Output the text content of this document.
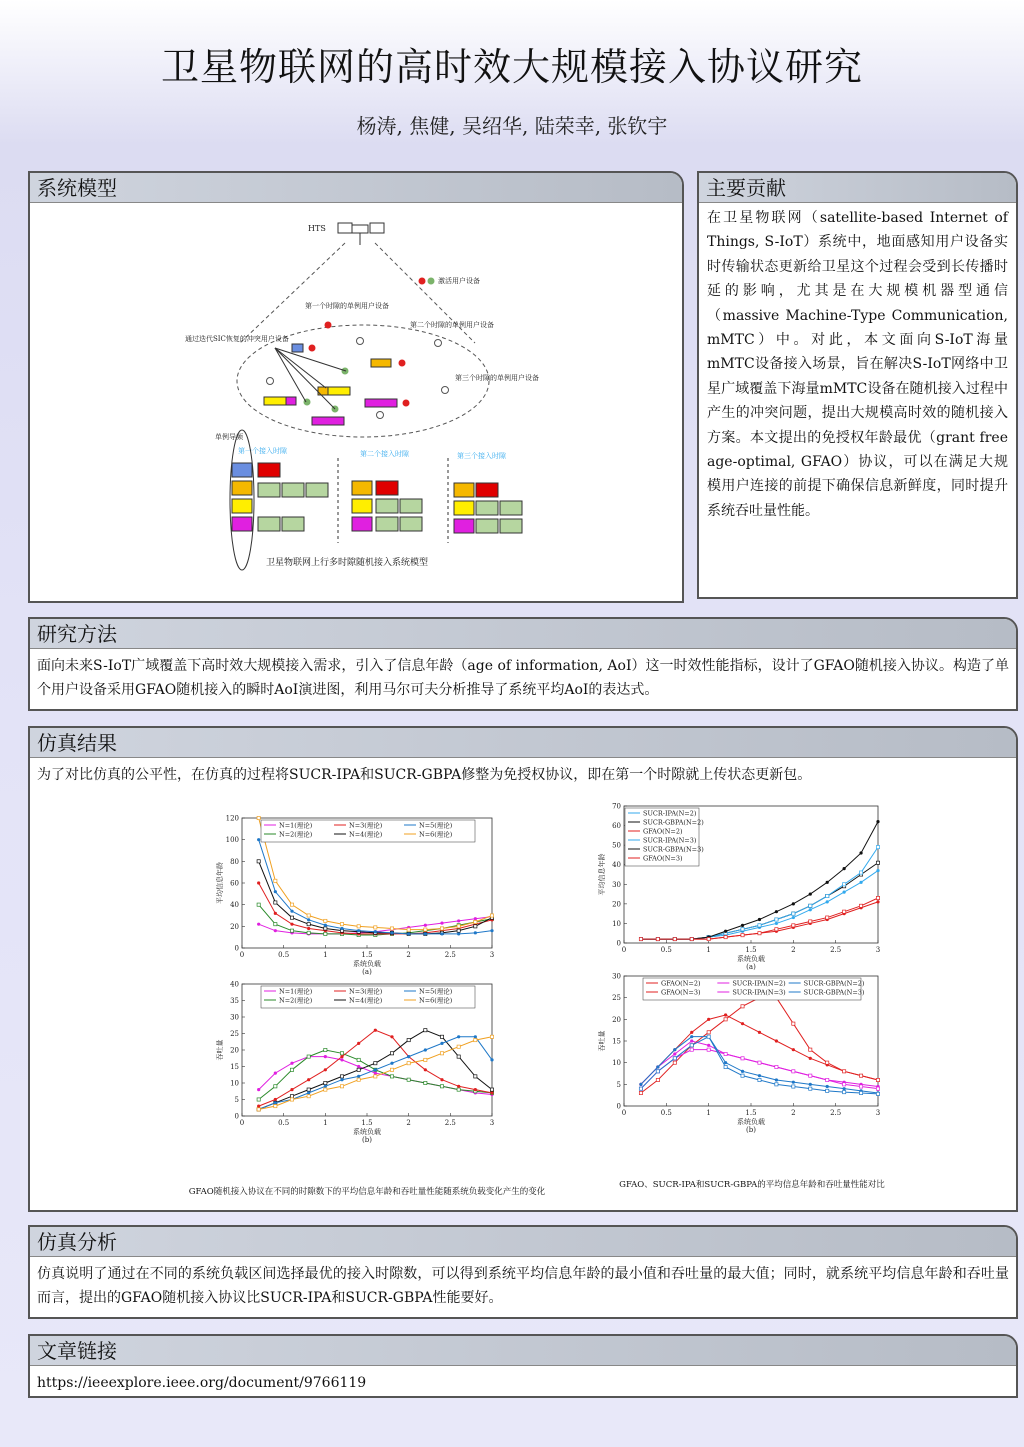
卫星物联网的高时效大规模接入协议研究
杨涛, 焦健, 吴绍华, 陆荣幸, 张钦宇
系统模型
HTS
激活用户设备
第一个时隙的单例用户设备
第二个时隙的单例用户设备
第三个时隙的单例用户设备
通过迭代SIC恢复的冲突用户设备
单例导频
第一个接入时隙	第二个接入时隙	第三个接入时隙
卫星物联网上行多时隙随机接入系统模型
主要贡献
在卫星物联网（satellite-based Internet of Things, S-IoT）系统中，地面感知用户设备实时传输状态更新给卫星这个过程会受到长传播时延的影响，尤其是在大规模机器型通信（massive Machine-Type Communication, mMTC）中。对此，本文面向S-IoT海量mMTC设备接入场景，旨在解决S-IoT网络中卫星广域覆盖下海量mMTC设备在随机接入过程中产生的冲突问题，提出大规模高时效的随机接入方案。本文提出的免授权年龄最优（grant free age-optimal, GFAO）协议，可以在满足大规模用户连接的前提下确保信息新鲜度，同时提升系统吞吐量性能。
研究方法
面向未来S-IoT广域覆盖下高时效大规模接入需求，引入了信息年龄（age of information, AoI）这一时效性能指标，设计了GFAO随机接入协议。构造了单个用户设备采用GFAO随机接入的瞬时AoI演进图，利用马尔可夫分析推导了系统平均AoI的表达式。
仿真结果
为了对比仿真的公平性，在仿真的过程将SUCR-IPA和SUCR-GBPA修整为免授权协议，即在第一个时隙就上传状态更新包。
0
20
40
60
80
100
120
0	0.5	1	1.5	2	2.5	3
系统负载
(a)
平均信息年龄
N=1(理论)
N=2(理论)
N=3(理论)
N=4(理论)
N=5(理论)
N=6(理论)
0
5
10
15
20
25
30
35
40
0	0.5	1	1.5	2	2.5	3
系统负载
(b)
吞吐量
N=1(理论)
N=2(理论)
N=3(理论)
N=4(理论)
N=5(理论)
N=6(理论)
0
10
20
30
40
50
60
70
0	0.5	1	1.5	2	2.5	3
系统负载
(a)
平均信息年龄
SUCR-IPA(N=2)
SUCR-GBPA(N=2)
GFAO(N=2)
SUCR-IPA(N=3)
SUCR-GBPA(N=3)
GFAO(N=3)
0
5
10
15
20
25
30
0	0.5	1	1.5	2	2.5	3
系统负载
(b)
吞吐量
GFAO(N=2)
GFAO(N=3)
SUCR-IPA(N=2)
SUCR-IPA(N=3)
SUCR-GBPA(N=2)
SUCR-GBPA(N=3)
GFAO随机接入协议在不同的时隙数下的平均信息年龄和吞吐量性能随系统负载变化产生的变化
GFAO、SUCR-IPA和SUCR-GBPA的平均信息年龄和吞吐量性能对比
仿真分析
仿真说明了通过在不同的系统负载区间选择最优的接入时隙数，可以得到系统平均信息年龄的最小值和吞吐量的最大值；同时，就系统平均信息年龄和吞吐量而言，提出的GFAO随机接入协议比SUCR-IPA和SUCR-GBPA性能要好。
文章链接
https://ieeexplore.ieee.org/document/9766119
